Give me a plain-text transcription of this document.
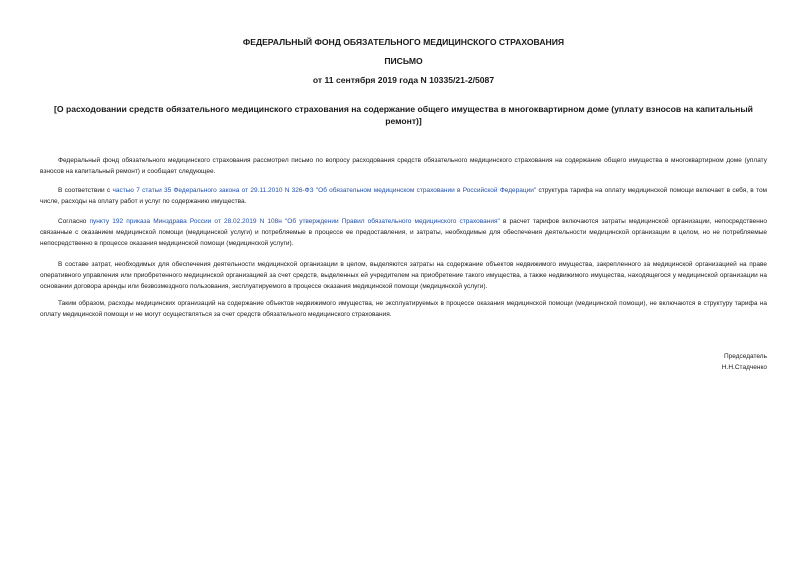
ФЕДЕРАЛЬНЫЙ ФОНД ОБЯЗАТЕЛЬНОГО МЕДИЦИНСКОГО СТРАХОВАНИЯ

ПИСЬМО

от 11 сентября 2019 года N 10335/21-2/5087

[О расходовании средств обязательного медицинского страхования на содержание общего имущества в многоквартирном доме (уплату взносов на капитальный ремонт)]

Федеральный фонд обязательного медицинского страхования рассмотрел письмо по вопросу расходования средств обязательного медицинского страхования на содержание общего имущества в многоквартирном доме (уплату взносов на капитальный ремонт) и сообщает следующее.

В соответствии с частью 7 статьи 35 Федерального закона от 29.11.2010 N 326-ФЗ "Об обязательном медицинском страховании в Российской Федерации" структура тарифа на оплату медицинской помощи включает в себя, в том числе, расходы на оплату работ и услуг по содержанию имущества.

Согласно пункту 192 приказа Минздрава России от 28.02.2019 N 108н "Об утверждении Правил обязательного медицинского страхования" в расчет тарифов включаются затраты медицинской организации, непосредственно связанные с оказанием медицинской помощи (медицинской услуги) и потребляемые в процессе ее предоставления, и затраты, необходимые для обеспечения деятельности медицинской организации в целом, но не потребляемые непосредственно в процессе оказания медицинской помощи (медицинской услуги).

В составе затрат, необходимых для обеспечения деятельности медицинской организации в целом, выделяются затраты на содержание объектов недвижимого имущества, закрепленного за медицинской организацией на праве оперативного управления или приобретенного медицинской организацией за счет средств, выделенных ей учредителем на приобретение такого имущества, а также недвижимого имущества, находящегося у медицинской организации на основании договора аренды или безвозмездного пользования, эксплуатируемого в процессе оказания медицинской помощи (медицинской услуги).

Таким образом, расходы медицинских организаций на содержание объектов недвижимого имущества, не эксплуатируемых в процессе оказания медицинской помощи (медицинской помощи), не включаются в структуру тарифа на оплату медицинской помощи и не могут осуществляться за счет средств обязательного медицинского страхования.

Председатель
Н.Н.Стадченко
